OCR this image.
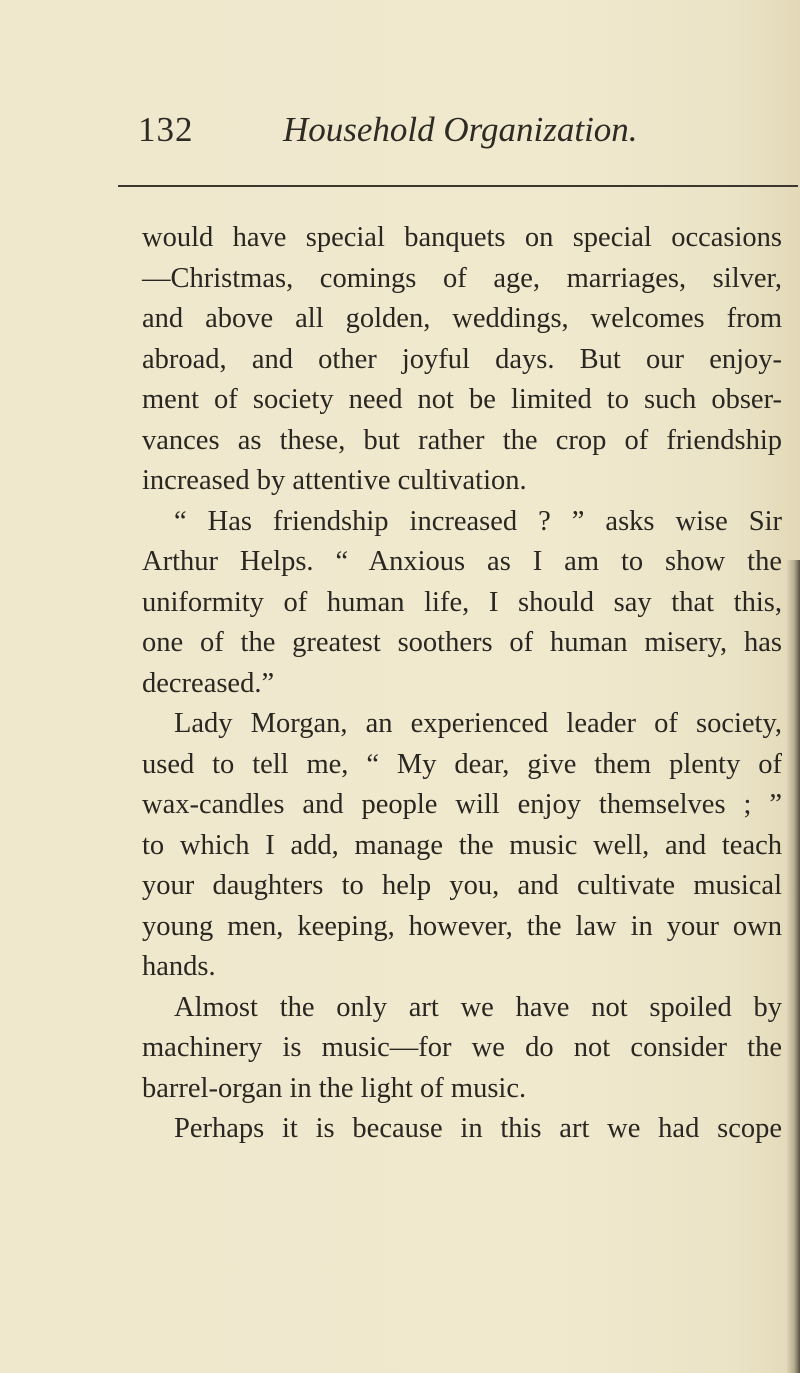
132	Household Organization.
would have special banquets on special occasions
—Christmas, comings of age, marriages, silver,
and above all golden, weddings, welcomes from
abroad, and other joyful days. But our enjoy-
ment of society need not be limited to such obser-
vances as these, but rather the crop of friendship
increased by attentive cultivation.
“ Has friendship increased ? ” asks wise Sir
Arthur Helps. “ Anxious as I am to show the
uniformity of human life, I should say that this,
one of the greatest soothers of human misery, has
decreased.”
Lady Morgan, an experienced leader of society,
used to tell me, “ My dear, give them plenty of
wax-candles and people will enjoy themselves ; ”
to which I add, manage the music well, and teach
your daughters to help you, and cultivate musical
young men, keeping, however, the law in your own
hands.
Almost the only art we have not spoiled by
machinery is music—for we do not consider the
barrel-organ in the light of music.
Perhaps it is because in this art we had scope
